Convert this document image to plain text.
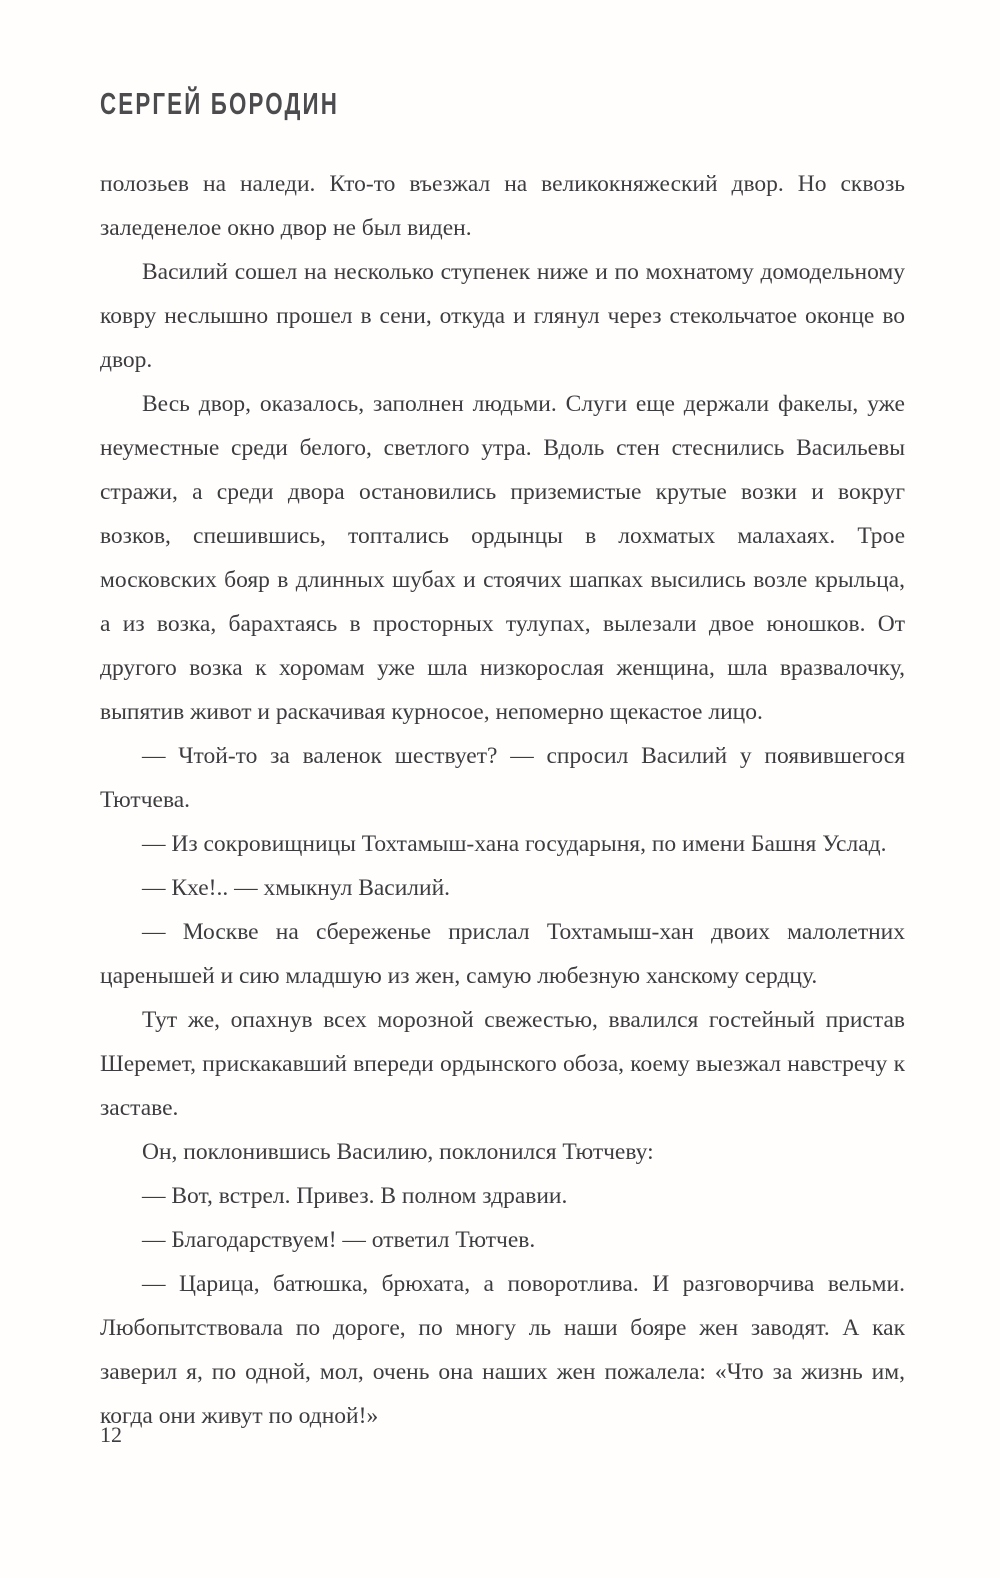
СЕРГЕЙ БОРОДИН

полозьев на наледи. Кто-то въезжал на великокняжеский двор. Но сквозь заледенелое окно двор не был виден.

Василий сошел на несколько ступенек ниже и по мохнатому домодельному ковру неслышно прошел в сени, откуда и глянул через стекольчатое оконце во двор.

Весь двор, оказалось, заполнен людьми. Слуги еще держали факелы, уже неуместные среди белого, светлого утра. Вдоль стен стеснились Васильевы стражи, а среди двора остановились приземистые крутые возки и вокруг возков, спешившись, топтались ордынцы в лохматых малахаях. Трое московских бояр в длинных шубах и стоячих шапках высились возле крыльца, а из возка, барахтаясь в просторных тулупах, вылезали двое юношков. От другого возка к хоромам уже шла низкорослая женщина, шла вразвалочку, выпятив живот и раскачивая курносое, непомерно щекастое лицо.

— Чтой-то за валенок шествует? — спросил Василий у появившегося Тютчева.

— Из сокровищницы Тохтамыш-хана государыня, по имени Башня Услад.

— Кхе!.. — хмыкнул Василий.

— Москве на сбереженье прислал Тохтамыш-хан двоих малолетних царенышей и сию младшую из жен, самую любезную ханскому сердцу.

Тут же, опахнув всех морозной свежестью, ввалился гостейный пристав Шеремет, прискакавший впереди ордынского обоза, коему выезжал навстречу к заставе.

Он, поклонившись Василию, поклонился Тютчеву:

— Вот, встрел. Привез. В полном здравии.

— Благодарствуем! — ответил Тютчев.

— Царица, батюшка, брюхата, а поворотлива. И разговорчива вельми. Любопытствовала по дороге, по многу ль наши бояре жен заводят. А как заверил я, по одной, мол, очень она наших жен пожалела: «Что за жизнь им, когда они живут по одной!»

12
